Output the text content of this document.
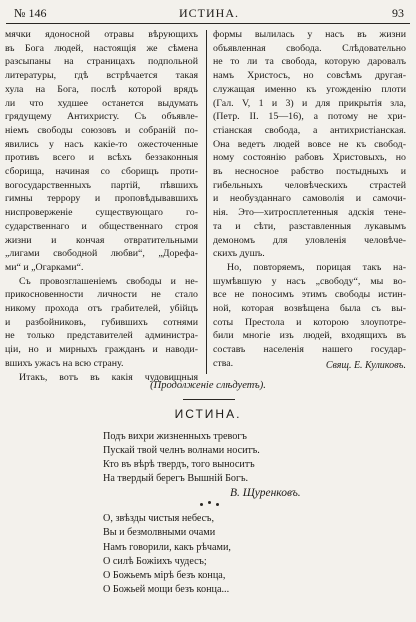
№ 146	ИСТИНА.	93
мячки ядоносной отравы вѣрующихъ
въ Бога людей, настоящія же сѣмена
разсыпаны на страницахъ подпольной
литературы, гдѣ встрѣчается такая
хула на Бога, послѣ которой врядъ
ли что худшее останется выдумать
грядущему Антихристу. Съ объявле-
ніемъ свободы союзовъ и собраній по-
явились у насъ какіе-то ожесточенные
противъ всего и всѣхъ беззаконныя
сборища, начиная со сборищъ проти-
вогосударственныхъ партій, пѣвшихъ
гимны террору и проповѣдывавшихъ
ниспроверженіе существующаго го-
сударственнаго и общественнаго строя
жизни и кончая отвратительными
„лигами свободной любви“, „Дорефа-
ми“ и „Огарками“.
Съ провозглашеніемъ свободы и не-
прикосновенности личности не стало
никому прохода отъ грабителей, убійцъ
и разбойниковъ, губившихъ сотнями
не только представителей администра-
ціи, но и мирныхъ гражданъ и наводи-
вшихъ ужасъ на всю страну.
Итакъ, вотъ въ какія чудовищныя
формы вылилась у насъ въ жизни
объявленная свобода. Слѣдовательно
не то ли та свобода, которую даровалъ
намъ Христосъ, но совсѣмъ другая-
служащая именно къ угожденію плоти
(Гал. V, 1 и 3) и для прикрытія зла,
(Петр. II. 15—16), а потому не хри-
стіанская свобода, а антихристіанская.
Она ведетъ людей вовсе не къ свобод-
ному состоянію рабовъ Христовыхъ, но
въ несносное рабство постыдныхъ и
гибельныхъ человѣческихъ страстей
и необузданнаго самоволія и самочи-
нія. Это—хитросплетенныя адскія тене-
та и сѣти, разставленныя лукавымъ
демономъ для уловленія человѣче-
скихъ душъ.
Но, повторяемъ, порицая такъ на-
шумѣвшую у насъ „свободу“, мы во-
все не поносимъ этимъ свободы истин-
ной, которая возвѣщена была съ вы-
соты Престола и которою злоупотре-
били многіе изъ людей, входящихъ въ
составъ населенія нашего государ-
ства.	Свящ. Е. Куликовъ.
(Продолженіе слѣдуетъ).
ИСТИНА.
Подъ вихри жизненныхъ тревогъ
Пускай твой челнъ волнами носитъ.
Кто въ вѣрѣ твердъ, того выноситъ
На твердый берегъ Вышній Богъ.
В. Щуренковъ.
О, звѣзды чистыя небесъ,
Вы и безмолвными очами
Намъ говорили, какъ рѣчами,
О силѣ Божіихъ чудесъ;
О Божьемъ мірѣ безъ конца,
О Божьей мощи безъ конца...
